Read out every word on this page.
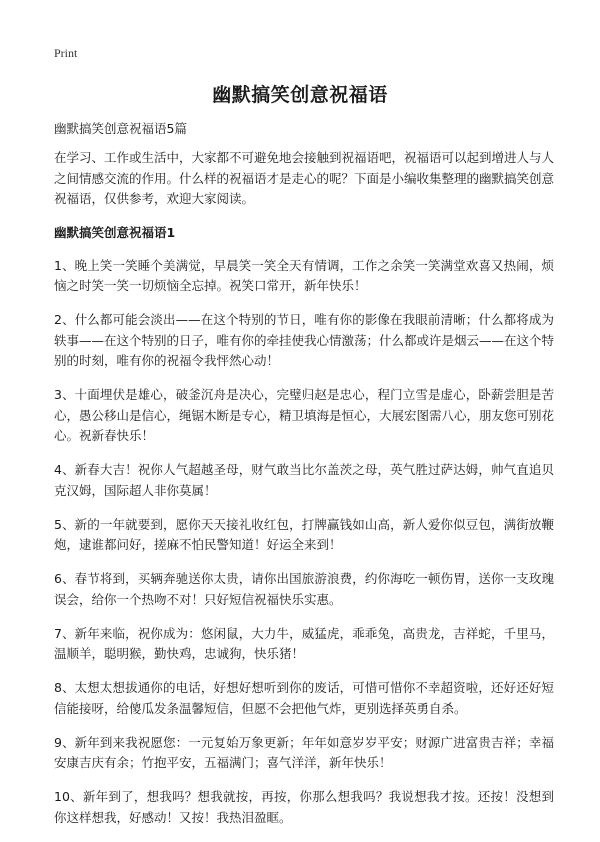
Print
幽默搞笑创意祝福语
幽默搞笑创意祝福语5篇

在学习、工作或生活中，大家都不可避免地会接触到祝福语吧，祝福语可以起到增进人与人之间情感交流的作用。什么样的祝福语才是走心的呢？下面是小编收集整理的幽默搞笑创意祝福语，仅供参考，欢迎大家阅读。

幽默搞笑创意祝福语1

1、晚上笑一笑睡个美满觉，早晨笑一笑全天有情调，工作之余笑一笑满堂欢喜又热闹，烦恼之时笑一笑一切烦恼全忘掉。祝笑口常开，新年快乐！

2、什么都可能会淡出——在这个特别的节日，唯有你的影像在我眼前清晰；什么都将成为轶事——在这个特别的日子，唯有你的牵挂使我心情激荡；什么都或许是烟云——在这个特别的时刻，唯有你的祝福令我怦然心动！

3、十面埋伏是雄心，破釜沉舟是决心，完璧归赵是忠心，程门立雪是虚心，卧薪尝胆是苦心，愚公移山是信心，绳锯木断是专心，精卫填海是恒心，大展宏图需八心，朋友您可别花心。祝新春快乐！

4、新春大吉！祝你人气超越圣母，财气敢当比尔盖茨之母，英气胜过萨达姆，帅气直追贝克汉姆，国际超人非你莫属！

5、新的一年就要到，愿你天天接礼收红包，打牌赢钱如山高，新人爱你似豆包，满街放鞭炮，逮谁都问好，搓麻不怕民警知道！好运全来到！

6、春节将到，买辆奔驰送你太贵，请你出国旅游浪费，约你海吃一顿伤胃，送你一支玫瑰误会，给你一个热吻不对！只好短信祝福快乐实惠。

7、新年来临，祝你成为：悠闲鼠，大力牛，威猛虎，乖乖兔，高贵龙，吉祥蛇，千里马，温顺羊，聪明猴，勤快鸡，忠诚狗，快乐猪！

8、太想太想拔通你的电话，好想好想听到你的废话，可惜可惜你不幸超资啦，还好还好短信能接呀，给傻瓜发条温馨短信，但愿不会把他气炸，更别选择英勇自杀。

9、新年到来我祝愿您：一元复始万象更新；年年如意岁岁平安；财源广进富贵吉祥；幸福安康吉庆有余；竹抱平安，五福满门；喜气洋洋，新年快乐！

10、新年到了，想我吗？想我就按，再按，你那么想我吗？我说想我才按。还按！没想到你这样想我，好感动！又按！我热泪盈眶。
